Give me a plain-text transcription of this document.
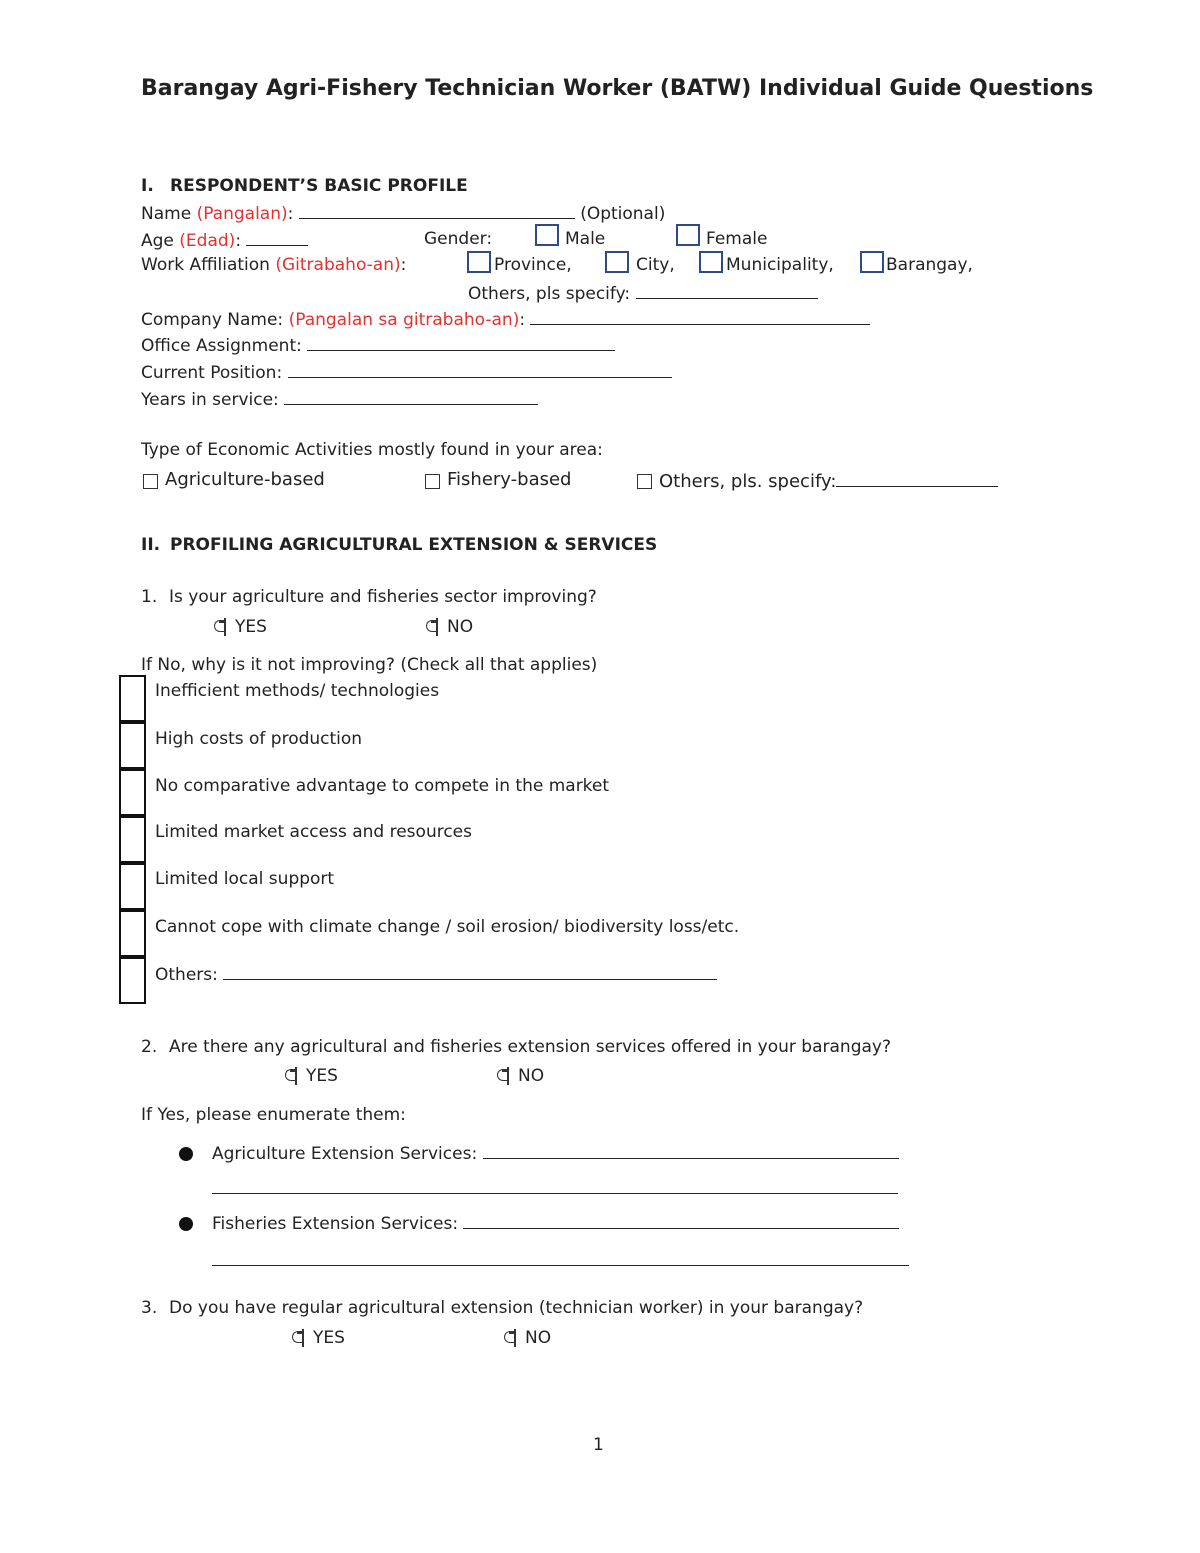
Barangay Agri-Fishery Technician Worker (BATW) Individual Guide Questions
I. RESPONDENT’S BASIC PROFILE
Name (Pangalan):	(Optional)
Age (Edad):	Gender:	Male	Female
Work Affiliation (Gitrabaho-an):	Province,	City,	Municipality,	Barangay,
Others, pls specify:
Company Name: (Pangalan sa gitrabaho-an):
Office Assignment:
Current Position:
Years in service:
Type of Economic Activities mostly found in your area:
Agriculture-based	Fishery-based	Others, pls. specify:
II. PROFILING AGRICULTURAL EXTENSION & SERVICES
1. Is your agriculture and fisheries sector improving?
YES	NO
If No, why is it not improving? (Check all that applies)
Inefficient methods/ technologies
High costs of production
No comparative advantage to compete in the market
Limited market access and resources
Limited local support
Cannot cope with climate change / soil erosion/ biodiversity loss/etc.
Others:
2. Are there any agricultural and fisheries extension services offered in your barangay?
YES	NO
If Yes, please enumerate them:
Agriculture Extension Services:
Fisheries Extension Services:
3. Do you have regular agricultural extension (technician worker) in your barangay?
YES	NO
1
